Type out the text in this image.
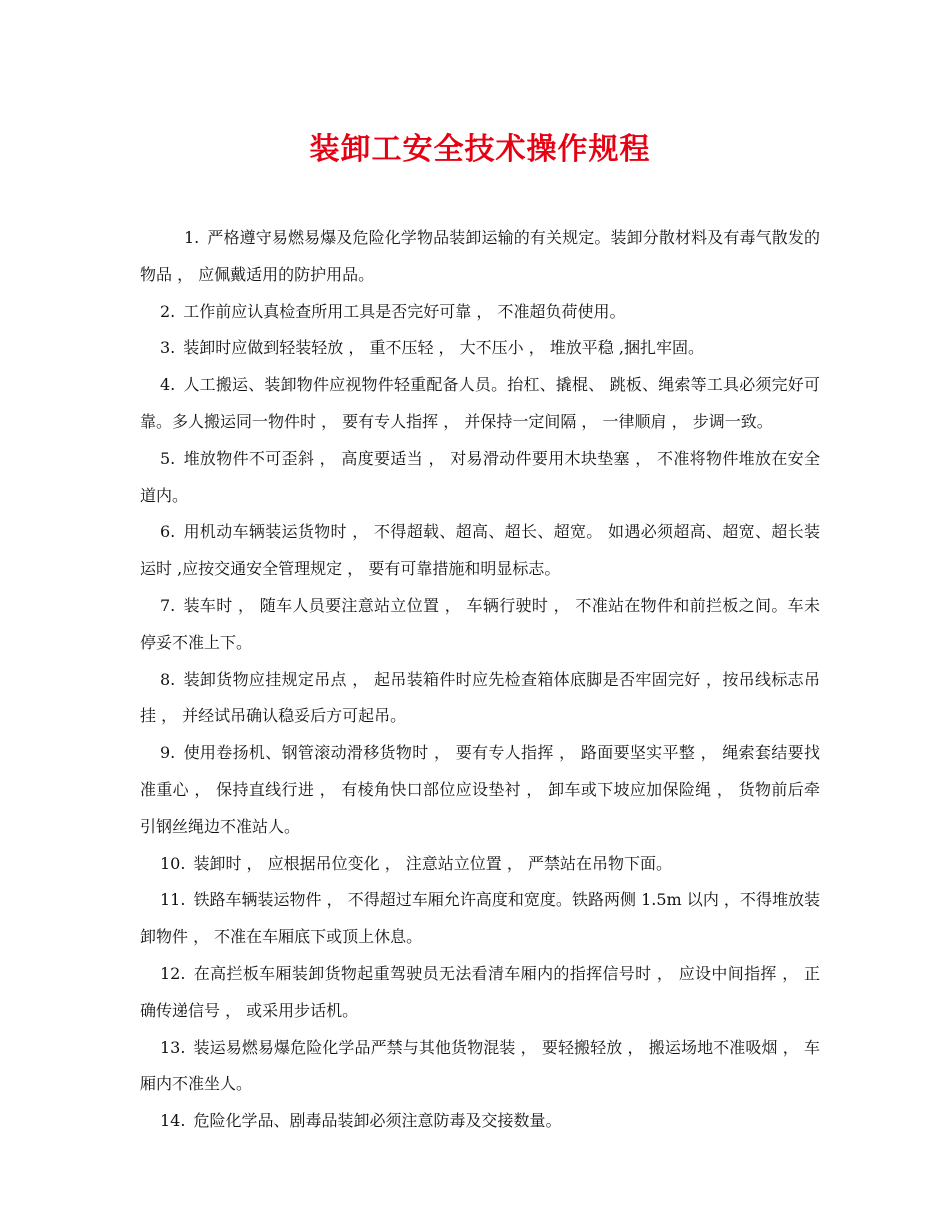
装卸工安全技术操作规程
1. 严格遵守易燃易爆及危险化学物品装卸运输的有关规定。装卸分散材料及有毒气散发的物品 ， 应佩戴适用的防护用品。
2. 工作前应认真检查所用工具是否完好可靠 ， 不准超负荷使用。
3. 装卸时应做到轻装轻放 ， 重不压轻 ， 大不压小 ， 堆放平稳 ,捆扎牢固。
4. 人工搬运、装卸物件应视物件轻重配备人员。抬杠、撬棍、 跳板、绳索等工具必须完好可靠。多人搬运同一物件时 ， 要有专人指挥 ， 并保持一定间隔 ， 一律顺肩 ， 步调一致。
5. 堆放物件不可歪斜 ， 高度要适当 ， 对易滑动件要用木块垫塞 ， 不准将物件堆放在安全道内。
6. 用机动车辆装运货物时 ， 不得超载、超高、超长、超宽。 如遇必须超高、超宽、超长装运时 ,应按交通安全管理规定 ， 要有可靠措施和明显标志。
7. 装车时 ， 随车人员要注意站立位置 ， 车辆行驶时 ， 不准站在物件和前拦板之间。车未停妥不准上下。
8. 装卸货物应挂规定吊点 ， 起吊装箱件时应先检查箱体底脚是否牢固完好 ，按吊线标志吊挂 ， 并经试吊确认稳妥后方可起吊。
9. 使用卷扬机、钢管滚动滑移货物时 ， 要有专人指挥 ， 路面要坚实平整 ， 绳索套结要找准重心 ， 保持直线行进 ， 有棱角快口部位应设垫衬 ， 卸车或下坡应加保险绳 ， 货物前后牵引钢丝绳边不准站人。
10. 装卸时 ， 应根据吊位变化 ， 注意站立位置 ， 严禁站在吊物下面。
11. 铁路车辆装运物件 ， 不得超过车厢允许高度和宽度。铁路两侧 1.5m 以内 ，不得堆放装卸物件 ， 不准在车厢底下或顶上休息。
12. 在高拦板车厢装卸货物起重驾驶员无法看清车厢内的指挥信号时 ， 应设中间指挥 ， 正确传递信号 ， 或采用步话机。
13. 装运易燃易爆危险化学品严禁与其他货物混装 ， 要轻搬轻放 ， 搬运场地不准吸烟 ， 车厢内不准坐人。
14. 危险化学品、剧毒品装卸必须注意防毒及交接数量。
